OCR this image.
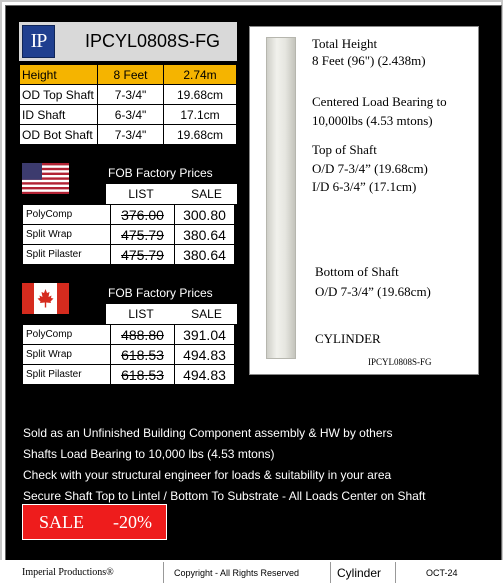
IP	IPCYL0808S-FG
Height	8 Feet	2.74m
OD Top Shaft	7-3/4"	19.68cm
ID Shaft	6-3/4"	17.1cm
OD Bot Shaft	7-3/4"	19.68cm
FOB Factory Prices
LIST	SALE
PolyComp	376.00	300.80
Split Wrap	475.79	380.64
Split Pilaster	475.79	380.64
FOB Factory Prices
LIST	SALE
PolyComp	488.80	391.04
Split Wrap	618.53	494.83
Split Pilaster	618.53	494.83
Total Height
8 Feet (96") (2.438m)
Centered Load Bearing to
10,000lbs (4.53 mtons)
Top of Shaft
O/D 7-3/4” (19.68cm)
I/D 6-3/4” (17.1cm)
Bottom of Shaft
O/D 7-3/4” (19.68cm)
CYLINDER
IPCYL0808S-FG
Sold as an Unfinished Building Component assembly & HW by others
Shafts Load Bearing to 10,000 lbs (4.53 mtons)
Check with your structural engineer for loads & suitability in your area
Secure Shaft Top to Lintel / Bottom To Substrate - All Loads Center on Shaft
SALE -20%
Imperial Productions®	Copyright - All Rights Reserved	Cylinder	OCT-24
